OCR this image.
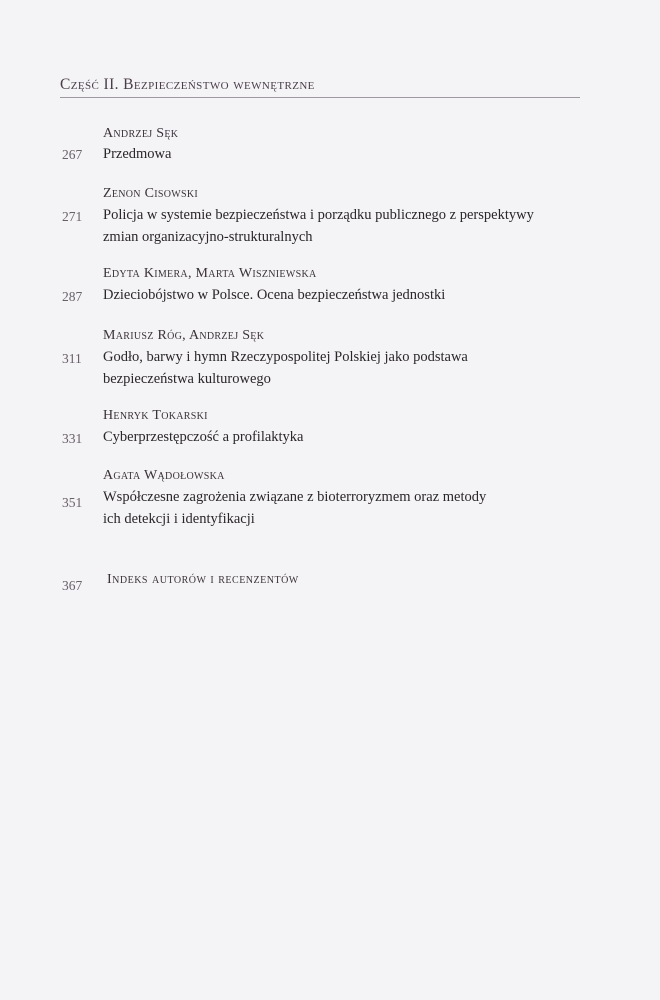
Część II. Bezpieczeństwo wewnętrzne
Andrzej Sęk
267 Przedmowa
Zenon Cisowski
271 Policja w systemie bezpieczeństwa i porządku publicznego z perspektywy
zmian organizacyjno-strukturalnych
Edyta Kimera, Marta Wiszniewska
287 Dzieciobójstwo w Polsce. Ocena bezpieczeństwa jednostki
Mariusz Róg, Andrzej Sęk
311 Godło, barwy i hymn Rzeczypospolitej Polskiej jako podstawa
bezpieczeństwa kulturowego
Henryk Tokarski
331 Cyberprzestępczość a profilaktyka
Agata Wądołowska
351 Współczesne zagrożenia związane z bioterroryzmem oraz metody
ich detekcji i identyfikacji
367 Indeks autorów i recenzentów
